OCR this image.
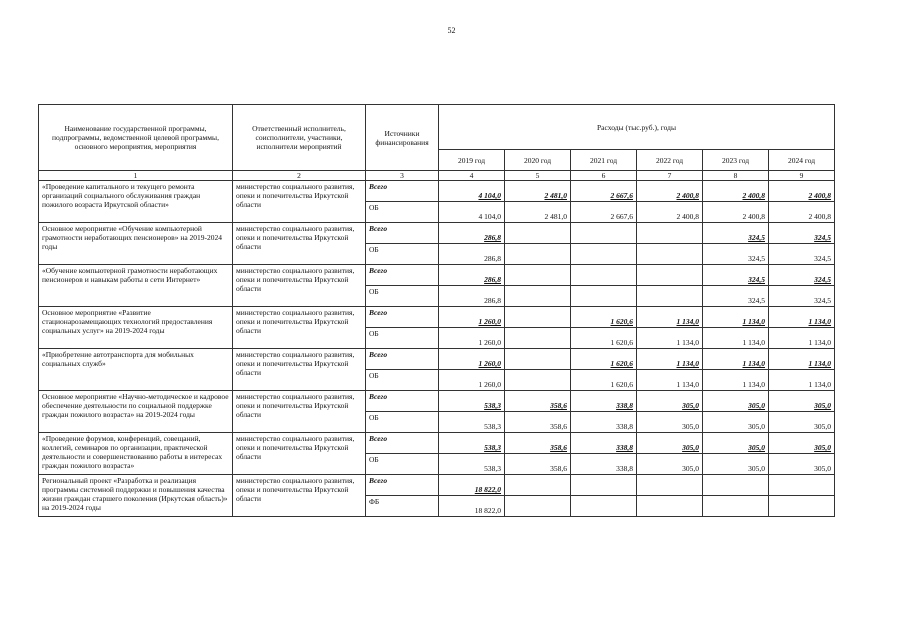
52
Наименование государственной программы, подпрограммы, ведомственной целевой программы, основного мероприятия, мероприятия	Ответственный исполнитель, соисполнители, участники, исполнители мероприятий	Источники финансирования	Расходы (тыс.руб.), годы					
			2019 год	2020 год	2021 год	2022 год	2023 год	2024 год
1	2	3	4	5	6	7	8	9
«Проведение капитального и текущего ремонта организаций социального обслуживания граждан пожилого возраста Иркутской области»	министерство социального развития, опеки и попечительства Иркутской области	Всего	4 104,0	2 481,0	2 667,6	2 400,8	2 400,8	2 400,8
		ОБ	4 104,0	2 481,0	2 667,6	2 400,8	2 400,8	2 400,8
Основное мероприятие «Обучение компьютерной грамотности неработающих пенсионеров» на 2019-2024 годы	министерство социального развития, опеки и попечительства Иркутской области	Всего	286,8				324,5	324,5
		ОБ	286,8				324,5	324,5
«Обучение компьютерной грамотности неработающих пенсионеров и навыкам работы в сети Интернет»	министерство социального развития, опеки и попечительства Иркутской области	Всего	286,8				324,5	324,5
		ОБ	286,8				324,5	324,5
Основное мероприятие «Развитие стационарозамещающих технологий предоставления социальных услуг» на 2019-2024 годы	министерство социального развития, опеки и попечительства Иркутской области	Всего	1 260,0		1 620,6	1 134,0	1 134,0	1 134,0
		ОБ	1 260,0		1 620,6	1 134,0	1 134,0	1 134,0
«Приобретение автотранспорта для мобильных социальных служб»	министерство социального развития, опеки и попечительства Иркутской области	Всего	1 260,0		1 620,6	1 134,0	1 134,0	1 134,0
		ОБ	1 260,0		1 620,6	1 134,0	1 134,0	1 134,0
Основное мероприятие «Научно-методическое и кадровое обеспечение деятельности по социальной поддержке граждан пожилого возраста» на 2019-2024 годы	министерство социального развития, опеки и попечительства Иркутской области	Всего	538,3	358,6	338,8	305,0	305,0	305,0
		ОБ	538,3	358,6	338,8	305,0	305,0	305,0
«Проведение форумов, конференций, совещаний, коллегий, семинаров по организации, практической деятельности и совершенствованию работы в интересах граждан пожилого возраста»	министерство социального развития, опеки и попечительства Иркутской области	Всего	538,3	358,6	338,8	305,0	305,0	305,0
		ОБ	538,3	358,6	338,8	305,0	305,0	305,0
Региональный проект «Разработка и реализация программы системной поддержки и повышения качества жизни граждан старшего поколения (Иркутская область)» на 2019-2024 годы	министерство социального развития, опеки и попечительства Иркутской области	Всего	18 822,0					
		ФБ	18 822,0					
